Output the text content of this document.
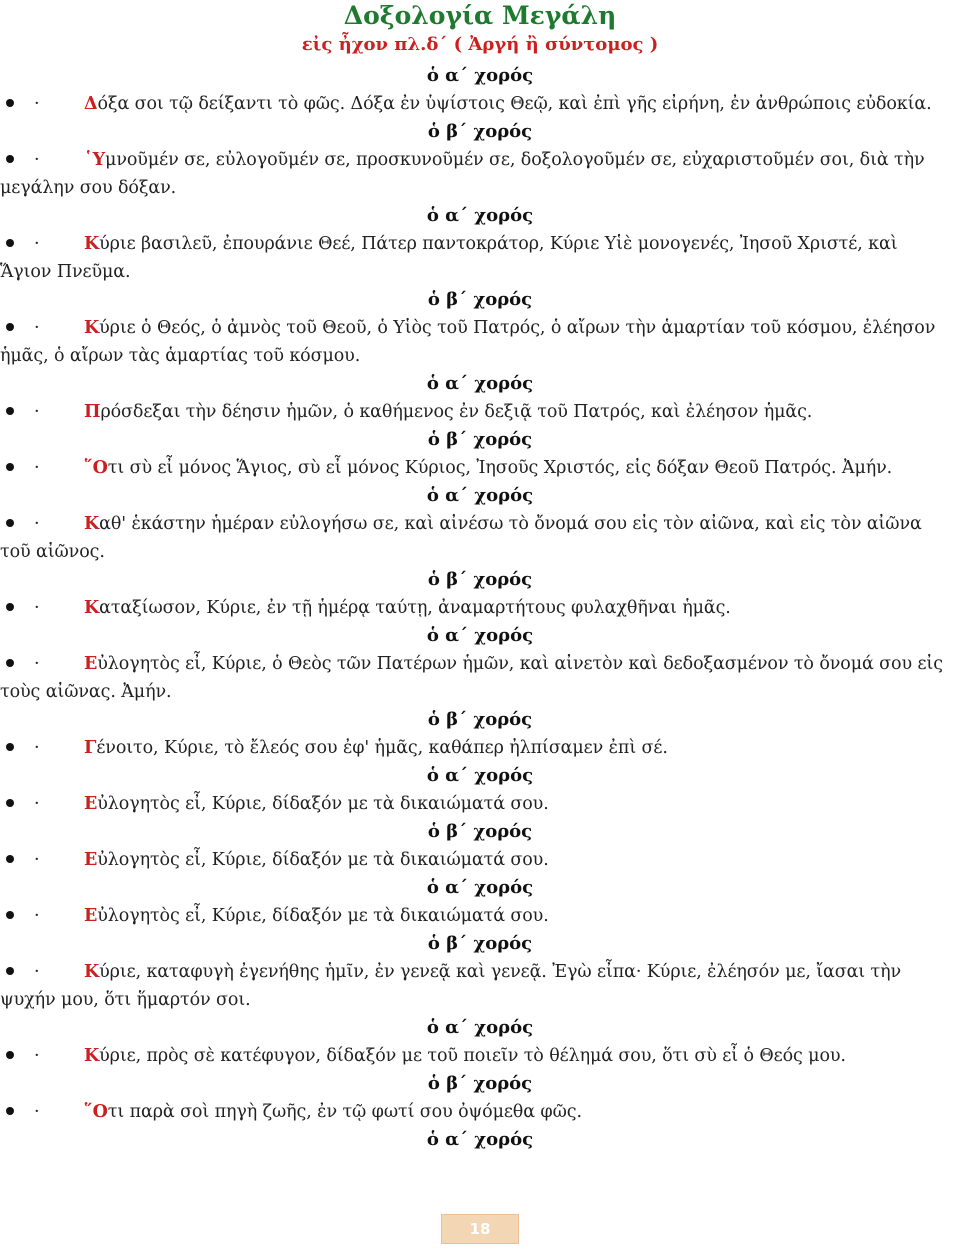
Δοξολογία Μεγάλη
εἰς ἦχον πλ.δ΄ ( Ἀργή ἢ σύντομος )
ὁ α΄ χορός
·	Δόξα σοι τῷ δείξαντι τὸ φῶς. Δόξα ἐν ὑψίστοις Θεῷ, καὶ ἐπὶ γῆς εἰρήνη, ἐν ἀνθρώποις εὐδοκία.
ὁ β΄ χορός
·	῾Υμνοῦμέν σε, εὐλογοῦμέν σε, προσκυνοῦμέν σε, δοξολογοῦμέν σε, εὐχαριστοῦμέν σοι, διὰ τὴν μεγάλην σου δόξαν.
ὁ α΄ χορός
·	Κύριε βασιλεῦ, ἐπουράνιε Θεέ, Πάτερ παντοκράτορ, Κύριε Υἱὲ μονογενές, Ἰησοῦ Χριστέ, καὶ Ἅγιον Πνεῦμα.
ὁ β΄ χορός
·	Κύριε ὁ Θεός, ὁ ἀμνὸς τοῦ Θεοῦ, ὁ Υἱὸς τοῦ Πατρός, ὁ αἴρων τὴν ἁμαρτίαν τοῦ κόσμου, ἐλέησον ἡμᾶς, ὁ αἴρων τὰς ἁμαρτίας τοῦ κόσμου.
ὁ α΄ χορός
·	Πρόσδεξαι τὴν δέησιν ἡμῶν, ὁ καθήμενος ἐν δεξιᾷ τοῦ Πατρός, καὶ ἐλέησον ἡμᾶς.
ὁ β΄ χορός
·	῞Οτι σὺ εἶ μόνος Ἅγιος, σὺ εἶ μόνος Κύριος, Ἰησοῦς Χριστός, εἰς δόξαν Θεοῦ Πατρός. Ἀμήν.
ὁ α΄ χορός
·	Καθ' ἑκάστην ἡμέραν εὐλογήσω σε, καὶ αἰνέσω τὸ ὄνομά σου εἰς τὸν αἰῶνα, καὶ εἰς τὸν αἰῶνα τοῦ αἰῶνος.
ὁ β΄ χορός
·	Καταξίωσον, Κύριε, ἐν τῇ ἡμέρᾳ ταύτῃ, ἀναμαρτήτους φυλαχθῆναι ἡμᾶς.
ὁ α΄ χορός
·	Εὐλογητὸς εἶ, Κύριε, ὁ Θεὸς τῶν Πατέρων ἡμῶν, καὶ αἰνετὸν καὶ δεδοξασμένον τὸ ὄνομά σου εἰς τοὺς αἰῶνας. Ἀμήν.
ὁ β΄ χορός
·	Γένοιτο, Κύριε, τὸ ἔλεός σου ἐφ' ἡμᾶς, καθάπερ ἠλπίσαμεν ἐπὶ σέ.
ὁ α΄ χορός
·	Εὐλογητὸς εἶ, Κύριε, δίδαξόν με τὰ δικαιώματά σου.
ὁ β΄ χορός
·	Εὐλογητὸς εἶ, Κύριε, δίδαξόν με τὰ δικαιώματά σου.
ὁ α΄ χορός
·	Εὐλογητὸς εἶ, Κύριε, δίδαξόν με τὰ δικαιώματά σου.
ὁ β΄ χορός
·	Κύριε, καταφυγὴ ἐγενήθης ἡμῖν, ἐν γενεᾷ καὶ γενεᾷ. Ἐγὼ εἶπα· Κύριε, ἐλέησόν με, ἴασαι τὴν ψυχήν μου, ὅτι ἥμαρτόν σοι.
ὁ α΄ χορός
·	Κύριε, πρὸς σὲ κατέφυγον, δίδαξόν με τοῦ ποιεῖν τὸ θέλημά σου, ὅτι σὺ εἶ ὁ Θεός μου.
ὁ β΄ χορός
·	῞Οτι παρὰ σοὶ πηγὴ ζωῆς, ἐν τῷ φωτί σου ὀψόμεθα φῶς.
ὁ α΄ χορός
18
